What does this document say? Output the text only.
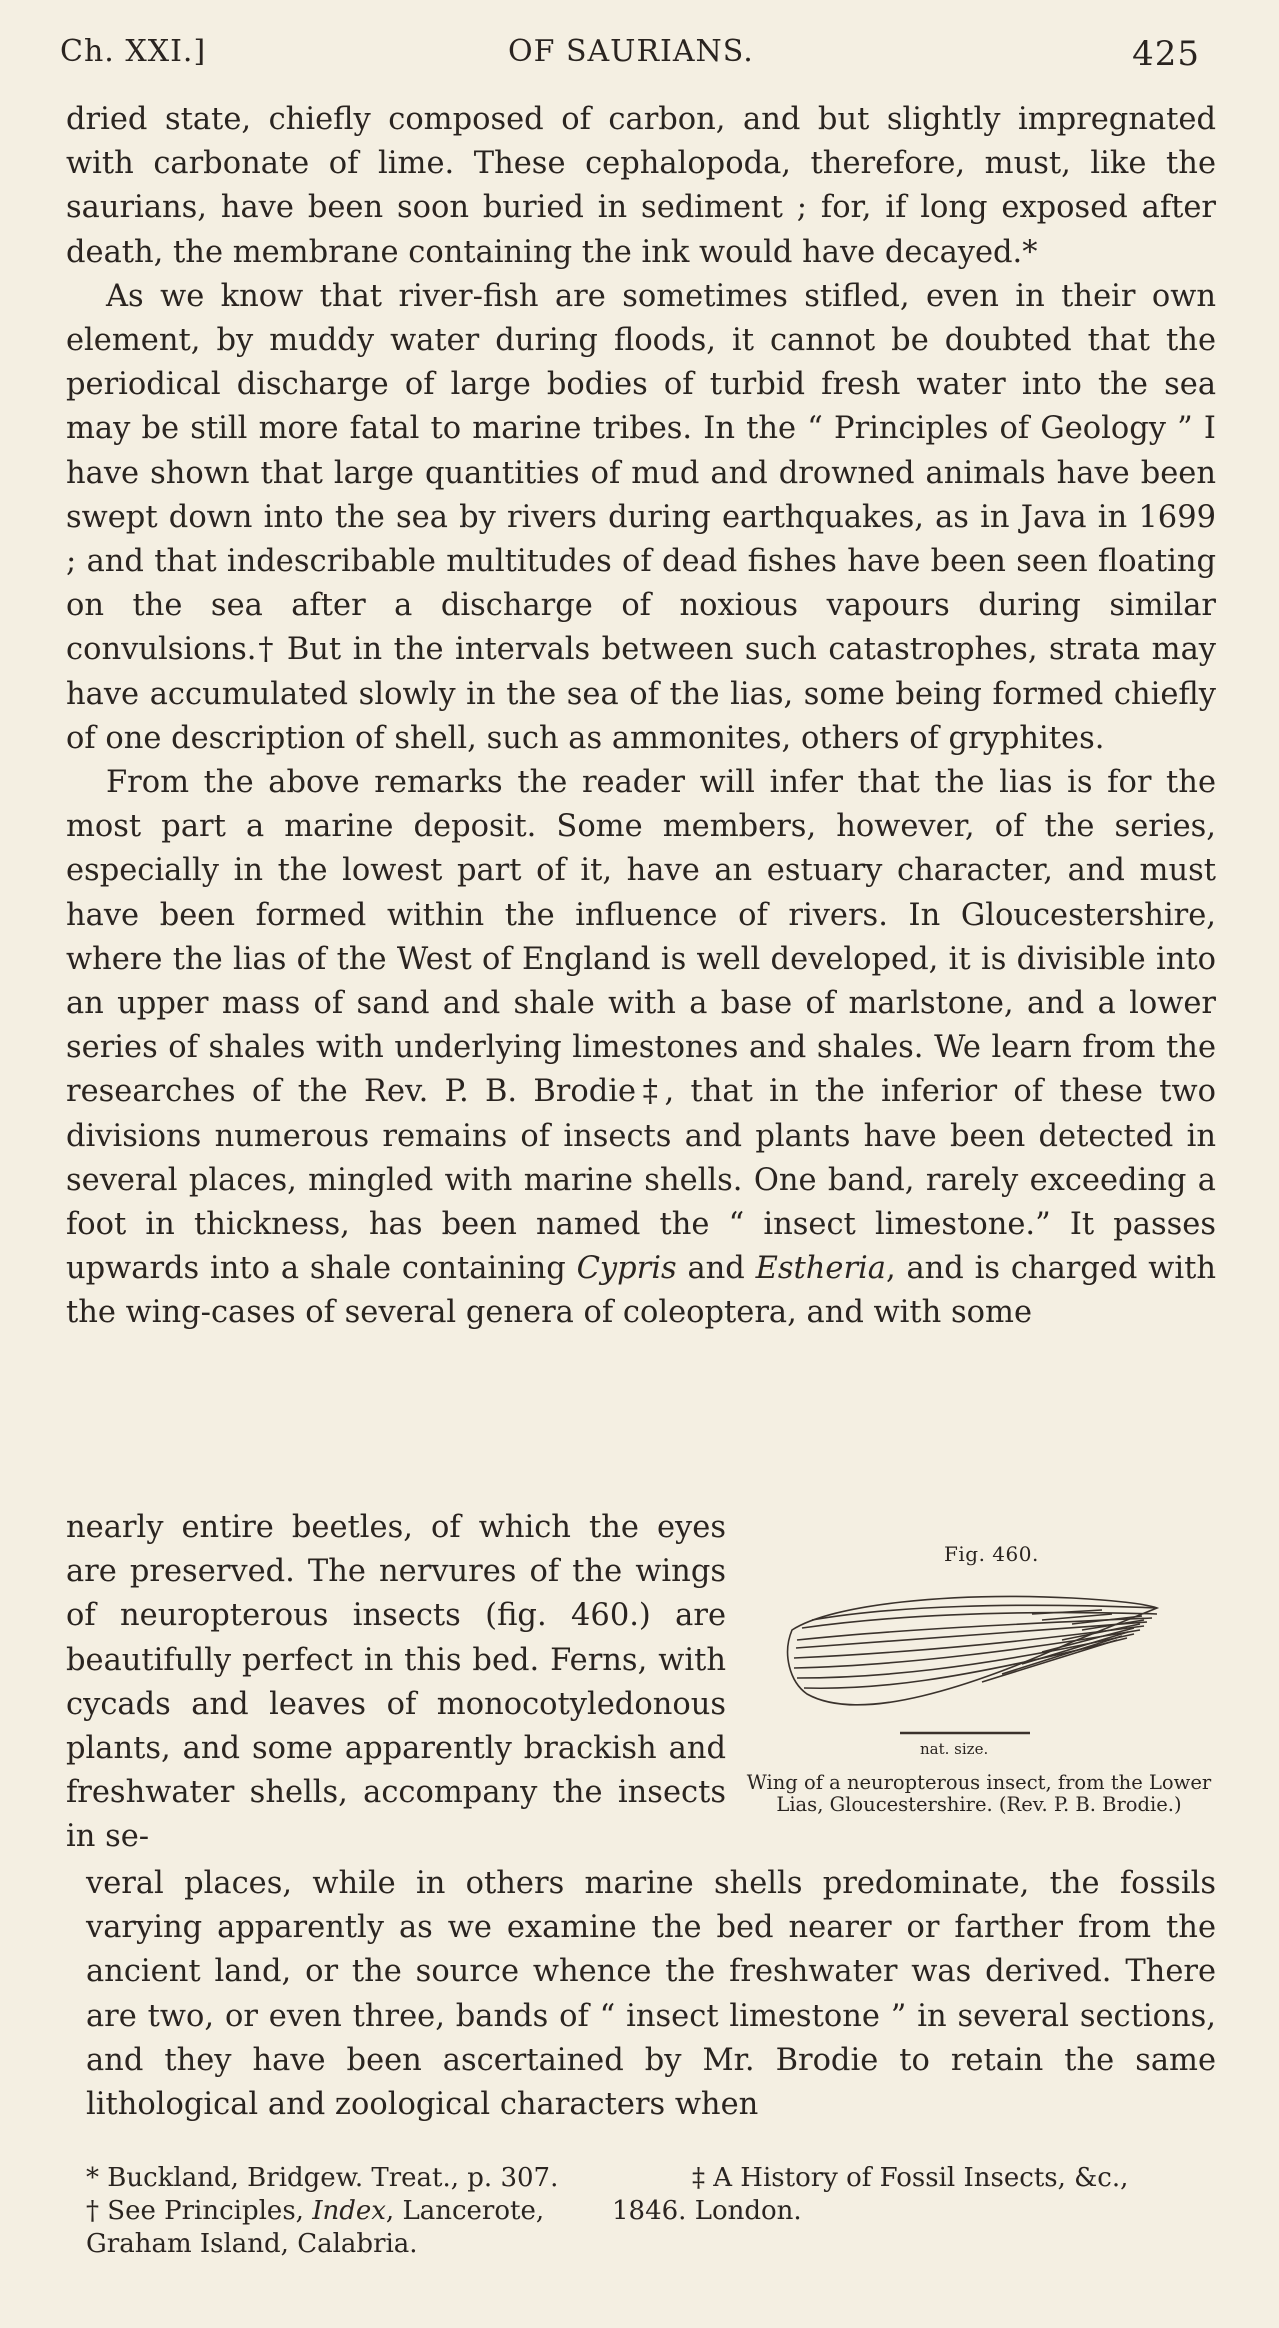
Ch. XXI.]	OF SAURIANS.	425

dried state, chiefly composed of carbon, and but slightly impregnated with carbonate of lime. These cephalopoda, therefore, must, like the saurians, have been soon buried in sediment ; for, if long exposed after death, the membrane containing the ink would have decayed.*

As we know that river-fish are sometimes stifled, even in their own element, by muddy water during floods, it cannot be doubted that the periodical discharge of large bodies of turbid fresh water into the sea may be still more fatal to marine tribes. In the “ Principles of Geology ” I have shown that large quantities of mud and drowned animals have been swept down into the sea by rivers during earthquakes, as in Java in 1699 ; and that indescribable multitudes of dead fishes have been seen floating on the sea after a discharge of noxious vapours during similar convulsions.† But in the intervals between such catastrophes, strata may have accumulated slowly in the sea of the lias, some being formed chiefly of one description of shell, such as ammonites, others of gryphites.

From the above remarks the reader will infer that the lias is for the most part a marine deposit. Some members, however, of the series, especially in the lowest part of it, have an estuary character, and must have been formed within the influence of rivers. In Gloucestershire, where the lias of the West of England is well developed, it is divisible into an upper mass of sand and shale with a base of marlstone, and a lower series of shales with underlying limestones and shales. We learn from the researches of the Rev. P. B. Brodie‡, that in the inferior of these two divisions numerous remains of insects and plants have been detected in several places, mingled with marine shells. One band, rarely exceeding a foot in thickness, has been named the “ insect limestone.” It passes upwards into a shale containing Cypris and Estheria, and is charged with the wing-cases of several genera of coleoptera, and with some

nearly entire beetles, of which the eyes are preserved. The nervures of the wings of neuropterous insects (fig. 460.) are beautifully perfect in this bed. Ferns, with cycads and leaves of monocotyledonous plants, and some apparently brackish and freshwater shells, accompany the insects in se-
Fig. 460.
nat. size.
Wing of a neuropterous insect, from the Lower Lias, Gloucestershire. (Rev. P. B. Brodie.)
veral places, while in others marine shells predominate, the fossils varying apparently as we examine the bed nearer or farther from the ancient land, or the source whence the freshwater was derived. There are two, or even three, bands of “ insect limestone ” in several sections, and they have been ascertained by Mr. Brodie to retain the same lithological and zoological characters when
* Buckland, Bridgew. Treat., p. 307.
† See Principles, Index, Lancerote,
Graham Island, Calabria.
‡ A History of Fossil Insects, &c.,
1846. London.
